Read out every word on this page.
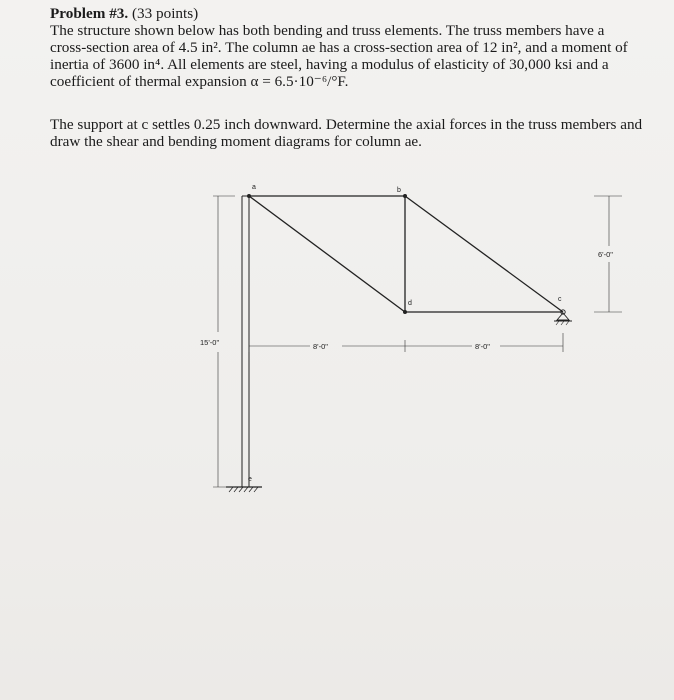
Problem #3. (33 points)
The structure shown below has both bending and truss elements. The truss members have a
cross-section area of 4.5 in². The column ae has a cross-section area of 12 in², and a moment of
inertia of 3600 in⁴. All elements are steel, having a modulus of elasticity of 30,000 ksi and a
coefficient of thermal expansion α = 6.5·10⁻⁶/°F.
The support at c settles 0.25 inch downward. Determine the axial forces in the truss members and
draw the shear and bending moment diagrams for column ae.
a	b
c
d
e
15'-0"	8'-0"	8'-0"
6'-0"
